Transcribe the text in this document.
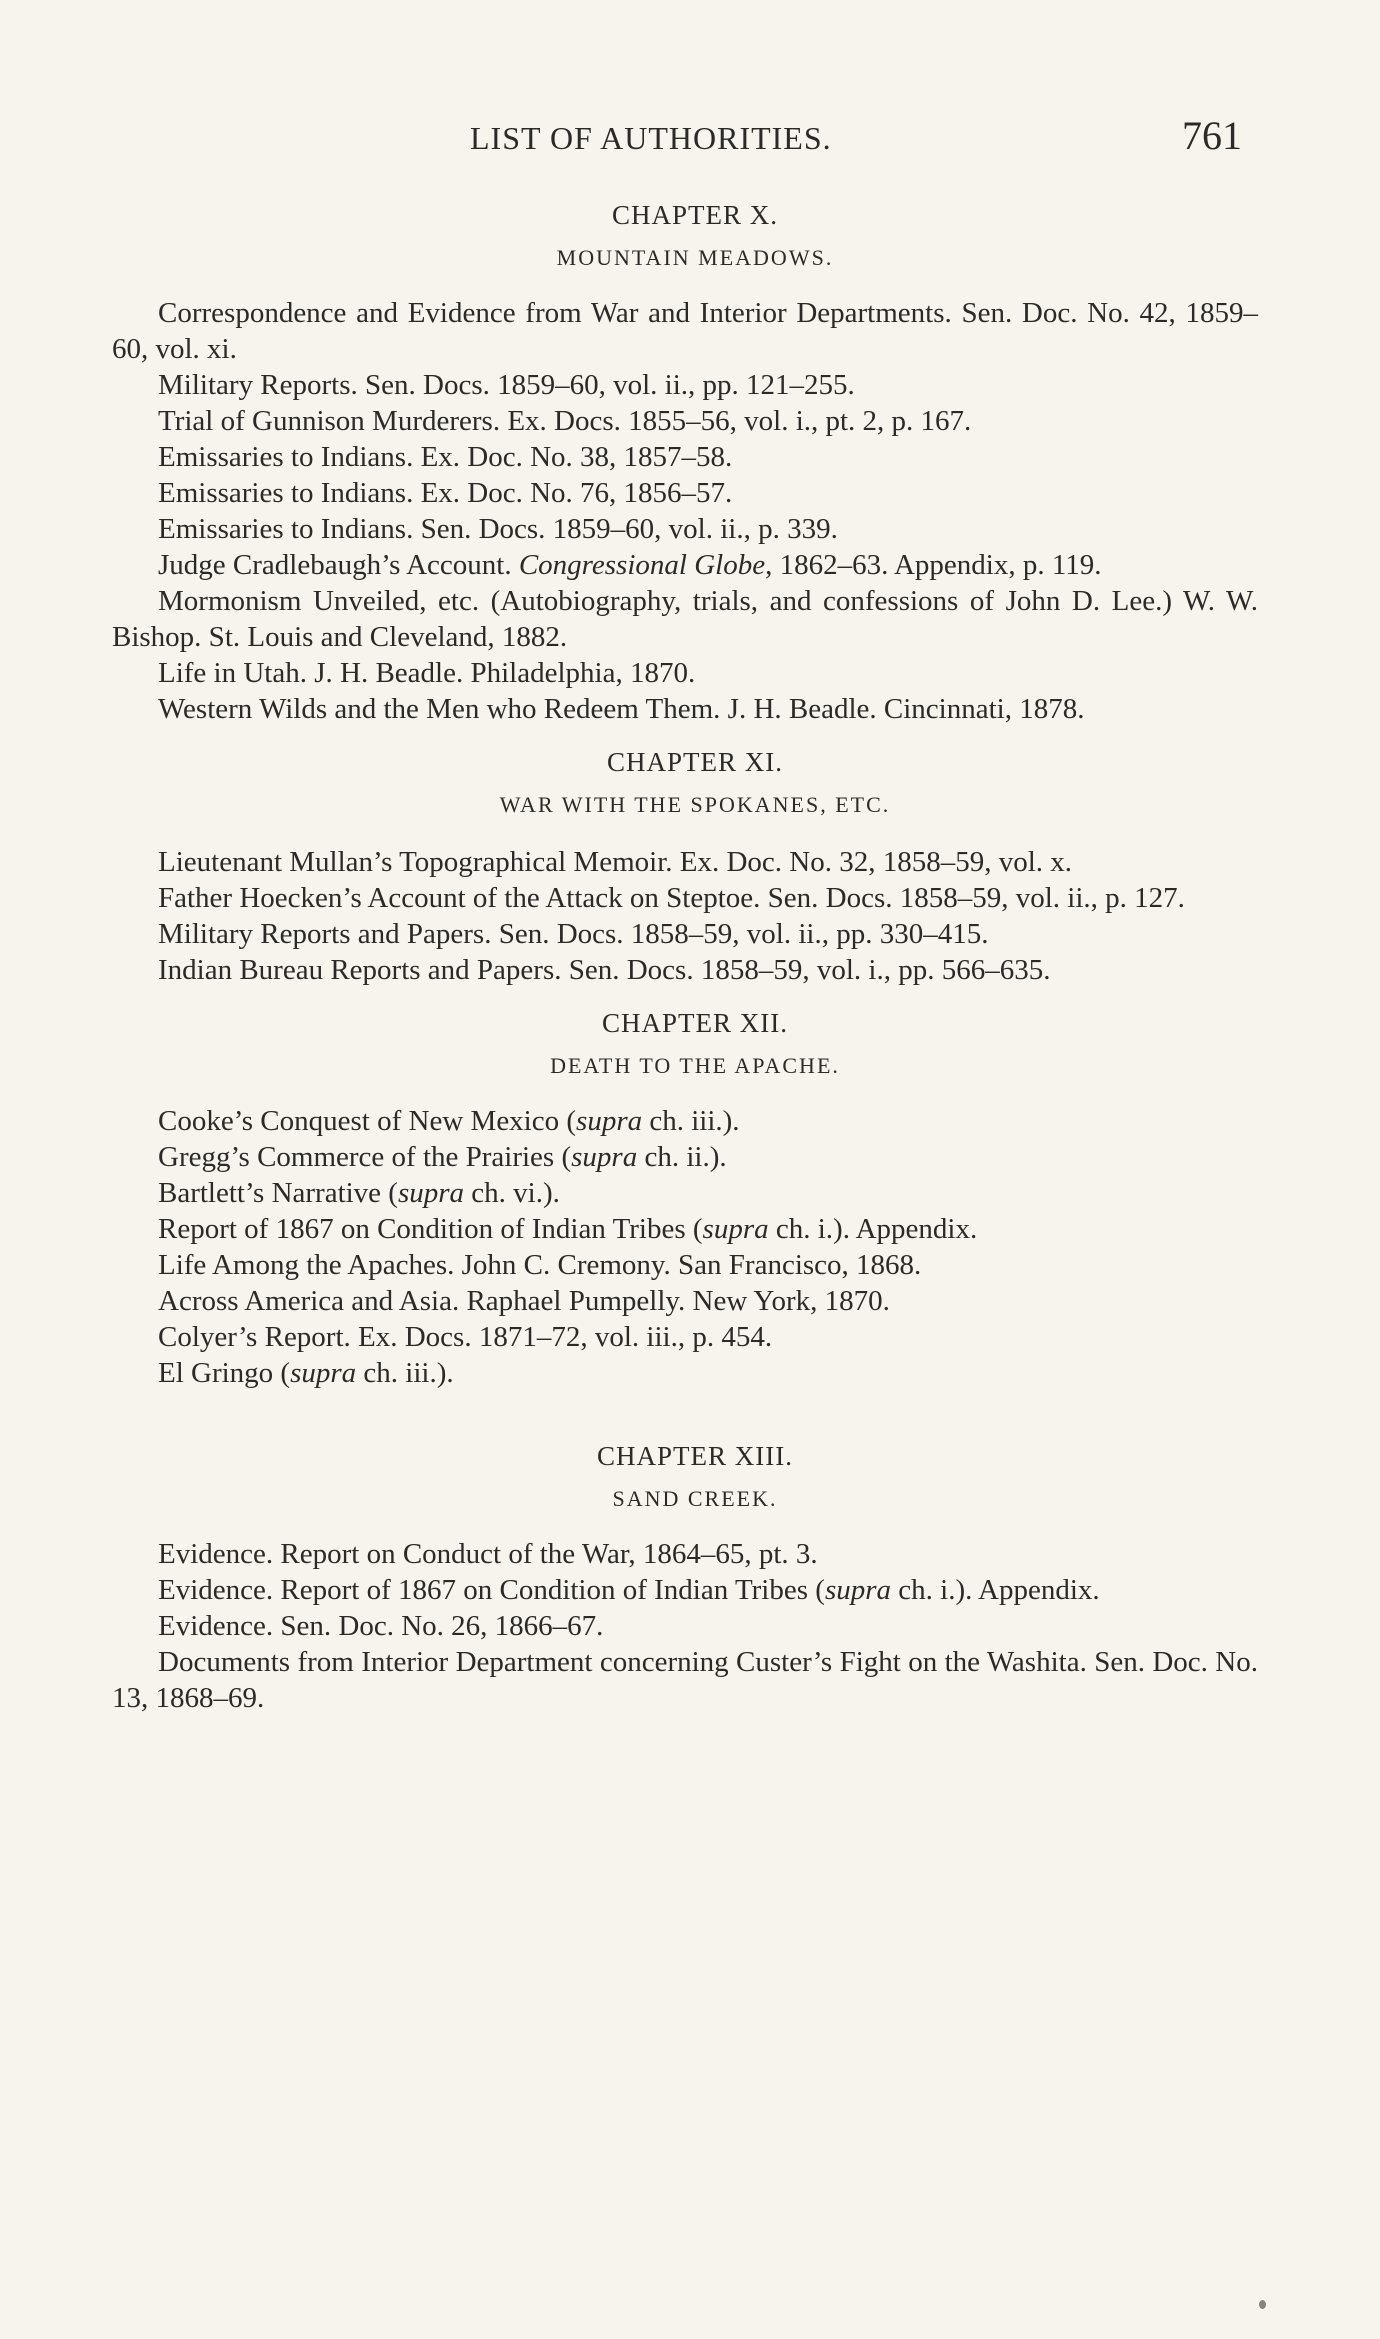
LIST OF AUTHORITIES.	761
CHAPTER X.
MOUNTAIN MEADOWS.

Correspondence and Evidence from War and Interior Departments. Sen. Doc. No. 42, 1859–60, vol. xi.

Military Reports. Sen. Docs. 1859–60, vol. ii., pp. 121–255.

Trial of Gunnison Murderers. Ex. Docs. 1855–56, vol. i., pt. 2, p. 167.

Emissaries to Indians. Ex. Doc. No. 38, 1857–58.

Emissaries to Indians. Ex. Doc. No. 76, 1856–57.

Emissaries to Indians. Sen. Docs. 1859–60, vol. ii., p. 339.

Judge Cradlebaugh’s Account. Congressional Globe, 1862–63. Appendix, p. 119.

Mormonism Unveiled, etc. (Autobiography, trials, and confessions of John D. Lee.) W. W. Bishop. St. Louis and Cleveland, 1882.

Life in Utah. J. H. Beadle. Philadelphia, 1870.

Western Wilds and the Men who Redeem Them. J. H. Beadle. Cincinnati, 1878.

CHAPTER XI.
WAR WITH THE SPOKANES, ETC.

Lieutenant Mullan’s Topographical Memoir. Ex. Doc. No. 32, 1858–59, vol. x.

Father Hoecken’s Account of the Attack on Steptoe. Sen. Docs. 1858–59, vol. ii., p. 127.

Military Reports and Papers. Sen. Docs. 1858–59, vol. ii., pp. 330–415.

Indian Bureau Reports and Papers. Sen. Docs. 1858–59, vol. i., pp. 566–635.

CHAPTER XII.
DEATH TO THE APACHE.

Cooke’s Conquest of New Mexico (supra ch. iii.).

Gregg’s Commerce of the Prairies (supra ch. ii.).

Bartlett’s Narrative (supra ch. vi.).

Report of 1867 on Condition of Indian Tribes (supra ch. i.). Appendix.

Life Among the Apaches. John C. Cremony. San Francisco, 1868.

Across America and Asia. Raphael Pumpelly. New York, 1870.

Colyer’s Report. Ex. Docs. 1871–72, vol. iii., p. 454.

El Gringo (supra ch. iii.).

CHAPTER XIII.
SAND CREEK.

Evidence. Report on Conduct of the War, 1864–65, pt. 3.

Evidence. Report of 1867 on Condition of Indian Tribes (supra ch. i.). Appendix.

Evidence. Sen. Doc. No. 26, 1866–67.

Documents from Interior Department concerning Custer’s Fight on the Washita. Sen. Doc. No. 13, 1868–69.
